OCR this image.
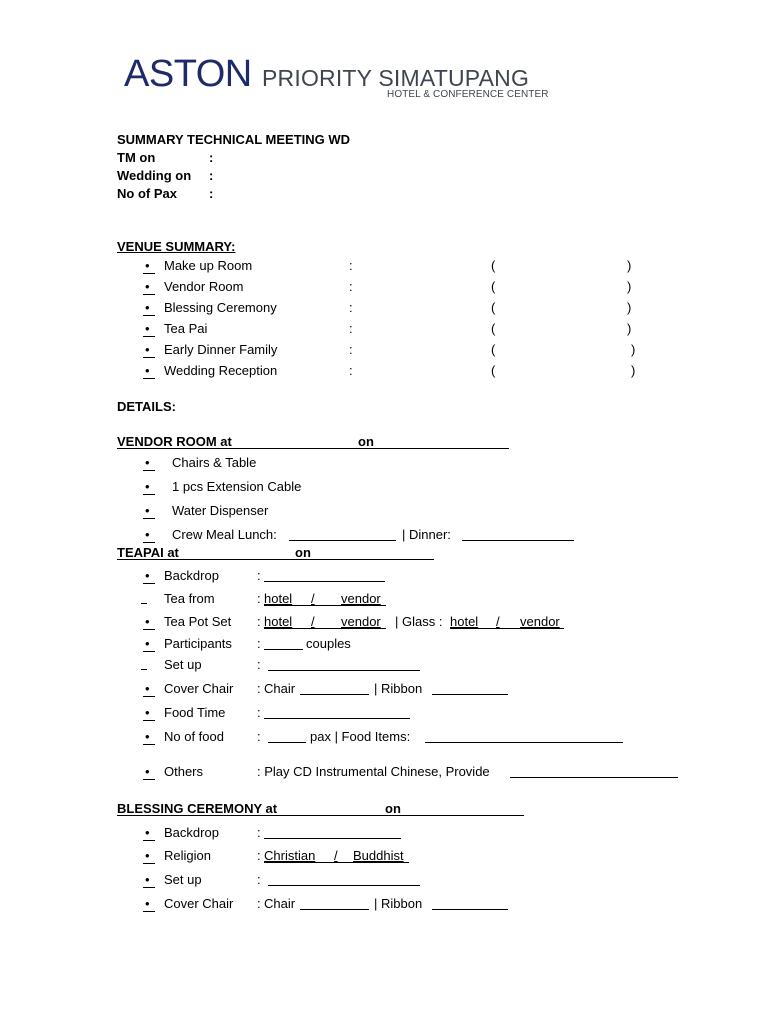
ASTON PRIORITY SIMATUPANG
HOTEL & CONFERENCE CENTER
SUMMARY TECHNICAL MEETING WD
TM on	:
Wedding on :
No of Pax :
VENUE SUMMARY:
• Make up Room	:	(	)
• Vendor Room	:	(	)
• Blessing Ceremony	:	(	)
• Tea Pai	:	(	)
• Early Dinner Family	:	(	)
• Wedding Reception	:	(	)
DETAILS:
VENDOR ROOM at	on
• Chairs & Table
• 1 pcs Extension Cable
• Water Dispenser
• Crew Meal Lunch:	| Dinner:
TEAPAI at	on
• Backdrop	:
Tea from	: hotel / vendor
• Tea Pot Set : hotel / vendor | Glass : hotel / vendor
• Participants :	couples
Set up	:
• Cover Chair : Chair	| Ribbon
• Food Time :
• No of food	:	pax | Food Items:
• Others	: Play CD Instrumental Chinese, Provide
BLESSING CEREMONY at	on
• Backdrop	:
• Religion	: Christian / Buddhist
• Set up	:
• Cover Chair : Chair	| Ribbon
